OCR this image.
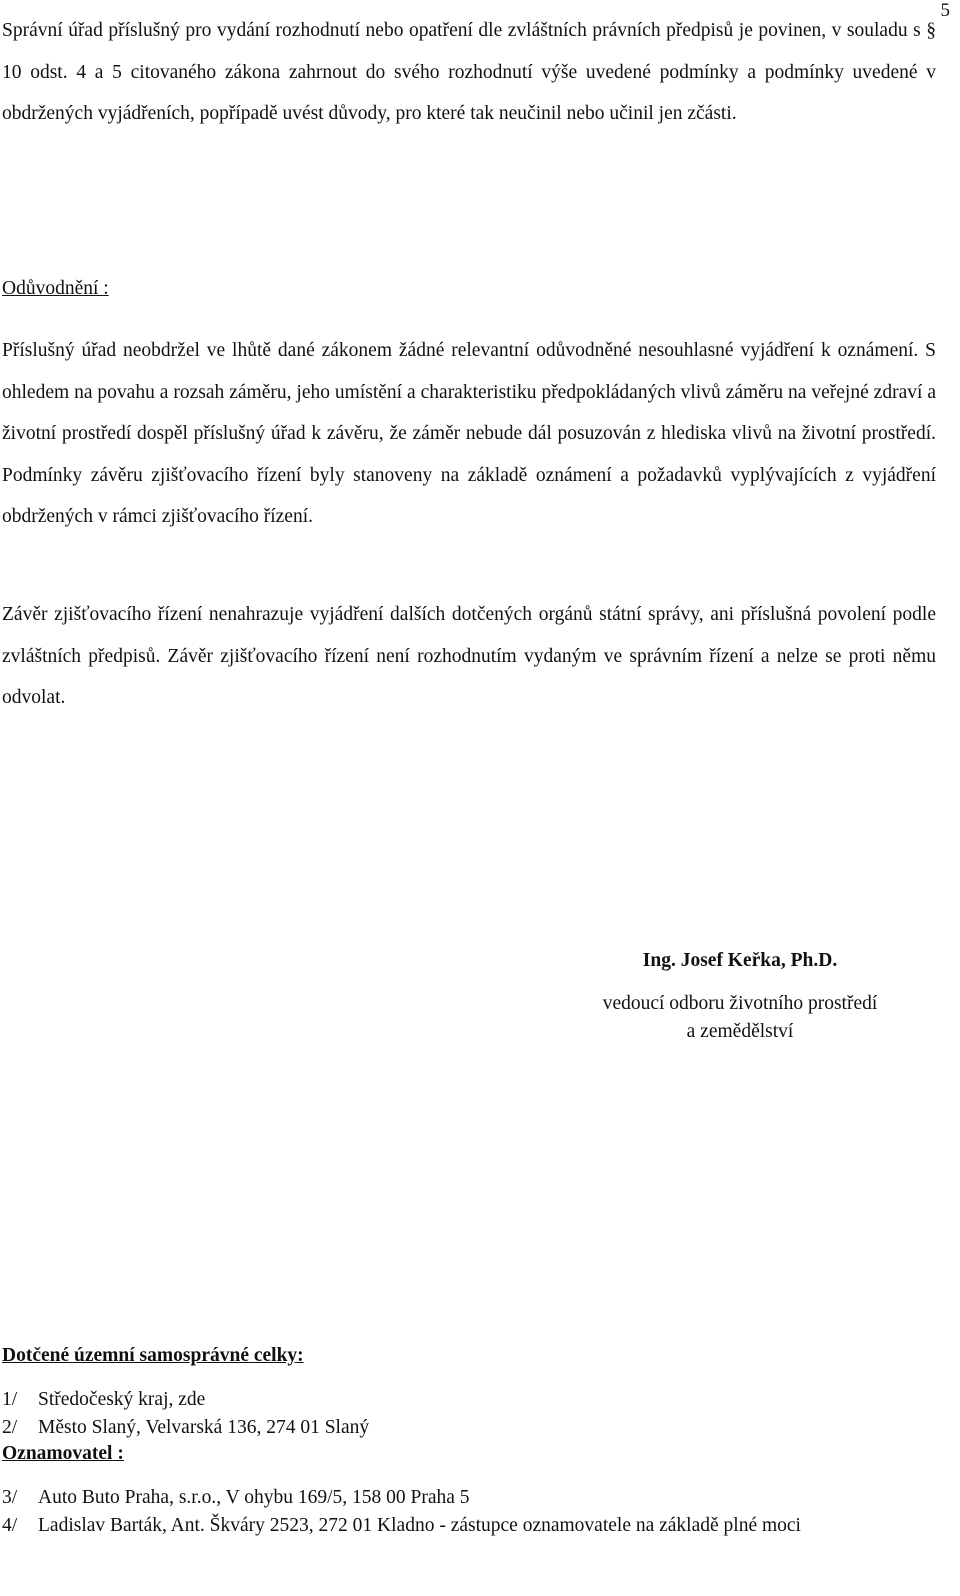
5

Správní úřad příslušný pro vydání rozhodnutí nebo opatření dle zvláštních právních předpisů je povinen, v souladu s § 10 odst. 4 a 5 citovaného zákona zahrnout do svého rozhodnutí výše uvedené podmínky a podmínky uvedené v obdržených vyjádřeních, popřípadě uvést důvody, pro které tak neučinil nebo učinil jen zčásti.

Odůvodnění :

Příslušný úřad neobdržel ve lhůtě dané zákonem žádné relevantní odůvodněné nesouhlasné vyjádření k oznámení. S ohledem na povahu a rozsah záměru, jeho umístění a charakteristiku předpokládaných vlivů záměru na veřejné zdraví a životní prostředí dospěl příslušný úřad k závěru, že záměr nebude dál posuzován z hlediska vlivů na životní prostředí. Podmínky závěru zjišťovacího řízení byly stanoveny na základě oznámení a požadavků vyplývajících z vyjádření obdržených v rámci zjišťovacího řízení.

Závěr zjišťovacího řízení nenahrazuje vyjádření dalších dotčených orgánů státní správy, ani příslušná povolení podle zvláštních předpisů. Závěr zjišťovacího řízení není rozhodnutím vydaným ve správním řízení a nelze se proti němu odvolat.

Ing. Josef Keřka, Ph.D.
vedoucí odboru životního prostředí
a zemědělství

Dotčené územní samosprávné celky:

1/	Středočeský kraj, zde
2/	Město Slaný, Velvarská 136, 274 01 Slaný

Oznamovatel :

3/	Auto Buto Praha, s.r.o., V ohybu 169/5, 158 00 Praha 5
4/	Ladislav Barták, Ant. Škváry 2523, 272 01 Kladno - zástupce oznamovatele na základě plné moci
